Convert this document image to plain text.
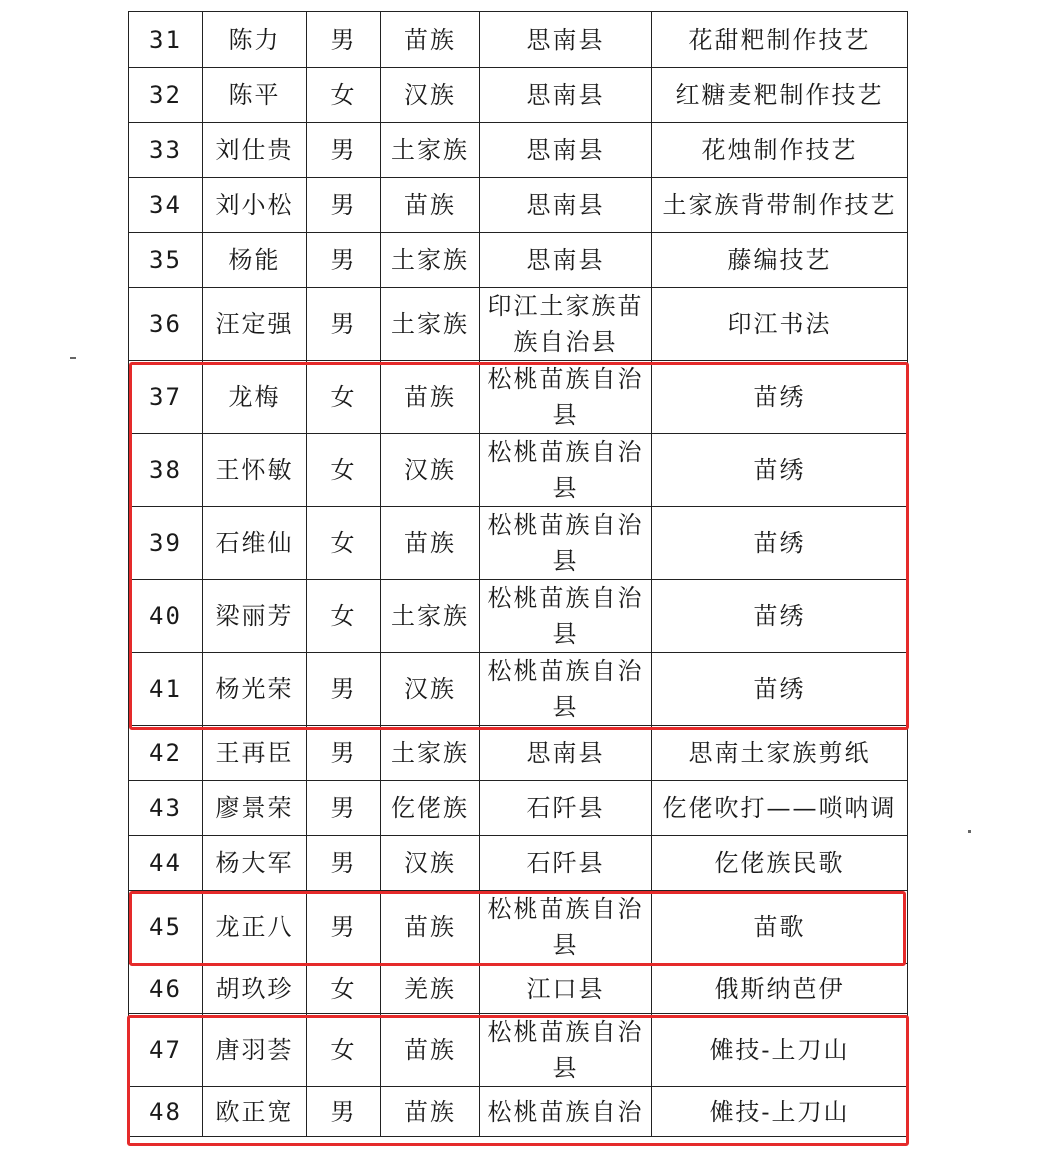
31	陈力	男	苗族	思南县	花甜粑制作技艺
32	陈平	女	汉族	思南县	红糖麦粑制作技艺
33	刘仕贵	男	土家族	思南县	花烛制作技艺
34	刘小松	男	苗族	思南县	土家族背带制作技艺
35	杨能	男	土家族	思南县	藤编技艺
36	汪定强	男	土家族	印江土家族苗族自治县	印江书法
37	龙梅	女	苗族	松桃苗族自治县	苗绣
38	王怀敏	女	汉族	松桃苗族自治县	苗绣
39	石维仙	女	苗族	松桃苗族自治县	苗绣
40	梁丽芳	女	土家族	松桃苗族自治县	苗绣
41	杨光荣	男	汉族	松桃苗族自治县	苗绣
42	王再臣	男	土家族	思南县	思南土家族剪纸
43	廖景荣	男	仡佬族	石阡县	仡佬吹打——唢呐调
44	杨大军	男	汉族	石阡县	仡佬族民歌
45	龙正八	男	苗族	松桃苗族自治县	苗歌
46	胡玖珍	女	羌族	江口县	俄斯纳芭伊
47	唐羽荟	女	苗族	松桃苗族自治县	傩技-上刀山
48	欧正宽	男	苗族	松桃苗族自治	傩技-上刀山
